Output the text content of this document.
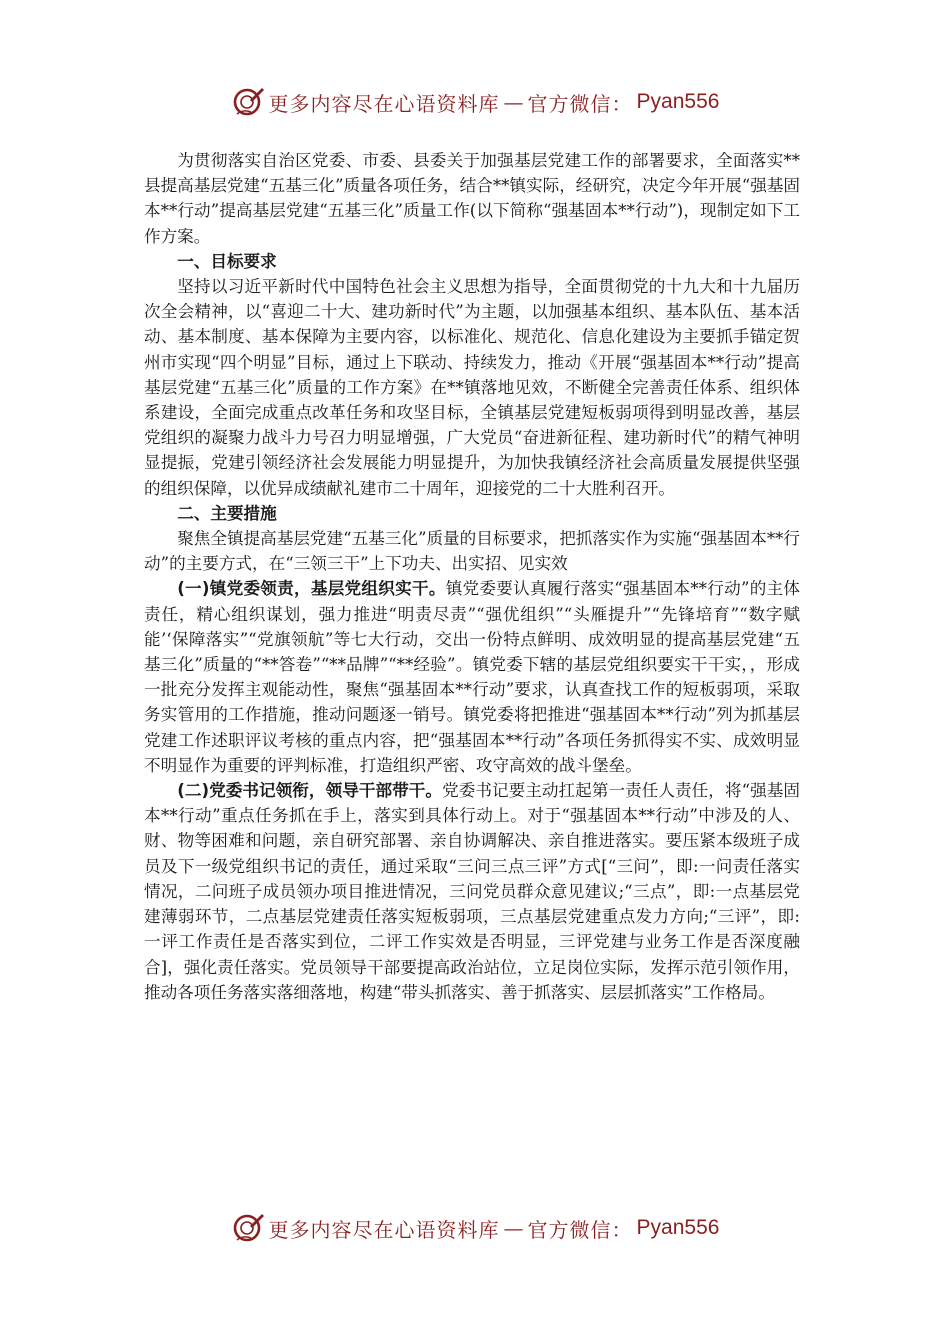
更多内容尽在心语资料库 — 官方微信： Pyan556

为贯彻落实自治区党委、市委、县委关于加强基层党建工作的部署要求，全面落实**县提高基层党建“五基三化”质量各项任务，结合**镇实际，经研究，决定今年开展“强基固本**行动”提高基层党建“五基三化”质量工作(以下简称“强基固本**行动”)，现制定如下工作方案。

一、目标要求

坚持以习近平新时代中国特色社会主义思想为指导，全面贯彻党的十九大和十九届历次全会精神，以“喜迎二十大、建功新时代”为主题，以加强基本组织、基本队伍、基本活动、基本制度、基本保障为主要内容，以标准化、规范化、信息化建设为主要抓手锚定贺州市实现“四个明显”目标，通过上下联动、持续发力，推动《开展“强基固本**行动”提高基层党建“五基三化”质量的工作方案》在**镇落地见效，不断健全完善责任体系、组织体系建设，全面完成重点改革任务和攻坚目标，全镇基层党建短板弱项得到明显改善，基层党组织的凝聚力战斗力号召力明显增强，广大党员“奋进新征程、建功新时代”的精气神明显提振，党建引领经济社会发展能力明显提升，为加快我镇经济社会高质量发展提供坚强的组织保障，以优异成绩献礼建市二十周年，迎接党的二十大胜利召开。

二、主要措施

聚焦全镇提高基层党建“五基三化”质量的目标要求，把抓落实作为实施“强基固本**行动”的主要方式，在“三领三干”上下功夫、出实招、见实效

(一)镇党委领责，基层党组织实干。镇党委要认真履行落实“强基固本**行动”的主体责任，精心组织谋划，强力推进“明责尽责”“强优组织”“头雁提升”“先锋培育”“数字赋能’‘保障落实”“党旗领航”等七大行动，交出一份特点鲜明、成效明显的提高基层党建“五基三化”质量的“**答卷”“**品牌”“**经验”。镇党委下辖的基层党组织要实干干实，，形成一批充分发挥主观能动性，聚焦“强基固本**行动”要求，认真查找工作的短板弱项，采取务实管用的工作措施，推动问题逐一销号。镇党委将把推进“强基固本**行动”列为抓基层党建工作述职评议考核的重点内容，把“强基固本**行动”各项任务抓得实不实、成效明显不明显作为重要的评判标准，打造组织严密、攻守高效的战斗堡垒。

(二)党委书记领衔，领导干部带干。党委书记要主动扛起第一责任人责任，将“强基固本**行动”重点任务抓在手上，落实到具体行动上。对于“强基固本**行动”中涉及的人、财、物等困难和问题，亲自研究部署、亲自协调解决、亲自推进落实。要压紧本级班子成员及下一级党组织书记的责任，通过采取“三问三点三评”方式[“三问”，即:一问责任落实情况，二问班子成员领办项目推进情况，三问党员群众意见建议;“三点”，即:一点基层党建薄弱环节，二点基层党建责任落实短板弱项，三点基层党建重点发力方向;“三评”，即:一评工作责任是否落实到位，二评工作实效是否明显，三评党建与业务工作是否深度融合]，强化责任落实。党员领导干部要提高政治站位，立足岗位实际，发挥示范引领作用，推动各项任务落实落细落地，构建“带头抓落实、善于抓落实、层层抓落实”工作格局。

更多内容尽在心语资料库 — 官方微信： Pyan556
